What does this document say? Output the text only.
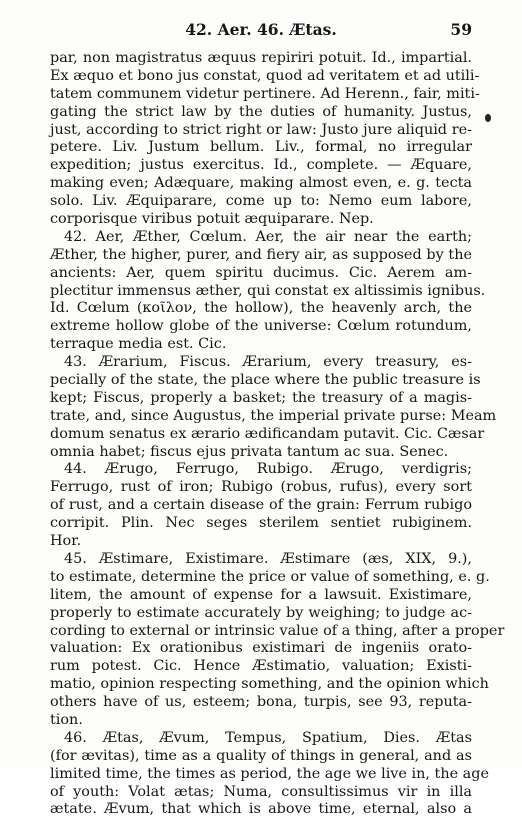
42. Aer. 46. Ætas.	59
par, non magistratus æquus repiriri potuit. Id., impartial.
Ex æquo et bono jus constat, quod ad veritatem et ad utili-
tatem communem videtur pertinere. Ad Herenn., fair, miti-
gating the strict law by the duties of humanity. Justus,
just, according to strict right or law: Justo jure aliquid re-
petere. Liv. Justum bellum. Liv., formal, no irregular
expedition; justus exercitus. Id., complete. — Æquare,
making even; Adæquare, making almost even, e. g. tecta
solo. Liv. Æquiparare, come up to: Nemo eum labore,
corporisque viribus potuit æquiparare. Nep.
42. Aer, Æther, Cœlum. Aer, the air near the earth;
Æther, the higher, purer, and fiery air, as supposed by the
ancients: Aer, quem spiritu ducimus. Cic. Aerem am-
plectitur immensus æther, qui constat ex altissimis ignibus.
Id. Cœlum (κοῖλον, the hollow), the heavenly arch, the
extreme hollow globe of the universe: Cœlum rotundum,
terraque media est. Cic.
43. Ærarium, Fiscus. Ærarium, every treasury, es-
pecially of the state, the place where the public treasure is
kept; Fiscus, properly a basket; the treasury of a magis-
trate, and, since Augustus, the imperial private purse: Meam
domum senatus ex ærario ædificandam putavit. Cic. Cæsar
omnia habet; fiscus ejus privata tantum ac sua. Senec.
44. Ærugo, Ferrugo, Rubigo. Ærugo, verdigris;
Ferrugo, rust of iron; Rubigo (robus, rufus), every sort
of rust, and a certain disease of the grain: Ferrum rubigo
corripit. Plin. Nec seges sterilem sentiet rubiginem.
Hor.
45. Æstimare, Existimare. Æstimare (æs, XIX, 9.),
to estimate, determine the price or value of something, e. g.
litem, the amount of expense for a lawsuit. Existimare,
properly to estimate accurately by weighing; to judge ac-
cording to external or intrinsic value of a thing, after a proper
valuation: Ex orationibus existimari de ingeniis orato-
rum potest. Cic. Hence Æstimatio, valuation; Existi-
matio, opinion respecting something, and the opinion which
others have of us, esteem; bona, turpis, see 93, reputa-
tion.
46. Ætas, Ævum, Tempus, Spatium, Dies. Ætas
(for ævitas), time as a quality of things in general, and as
limited time, the times as period, the age we live in, the age
of youth: Volat ætas; Numa, consultissimus vir in illa
ætate. Ævum, that which is above time, eternal, also a
